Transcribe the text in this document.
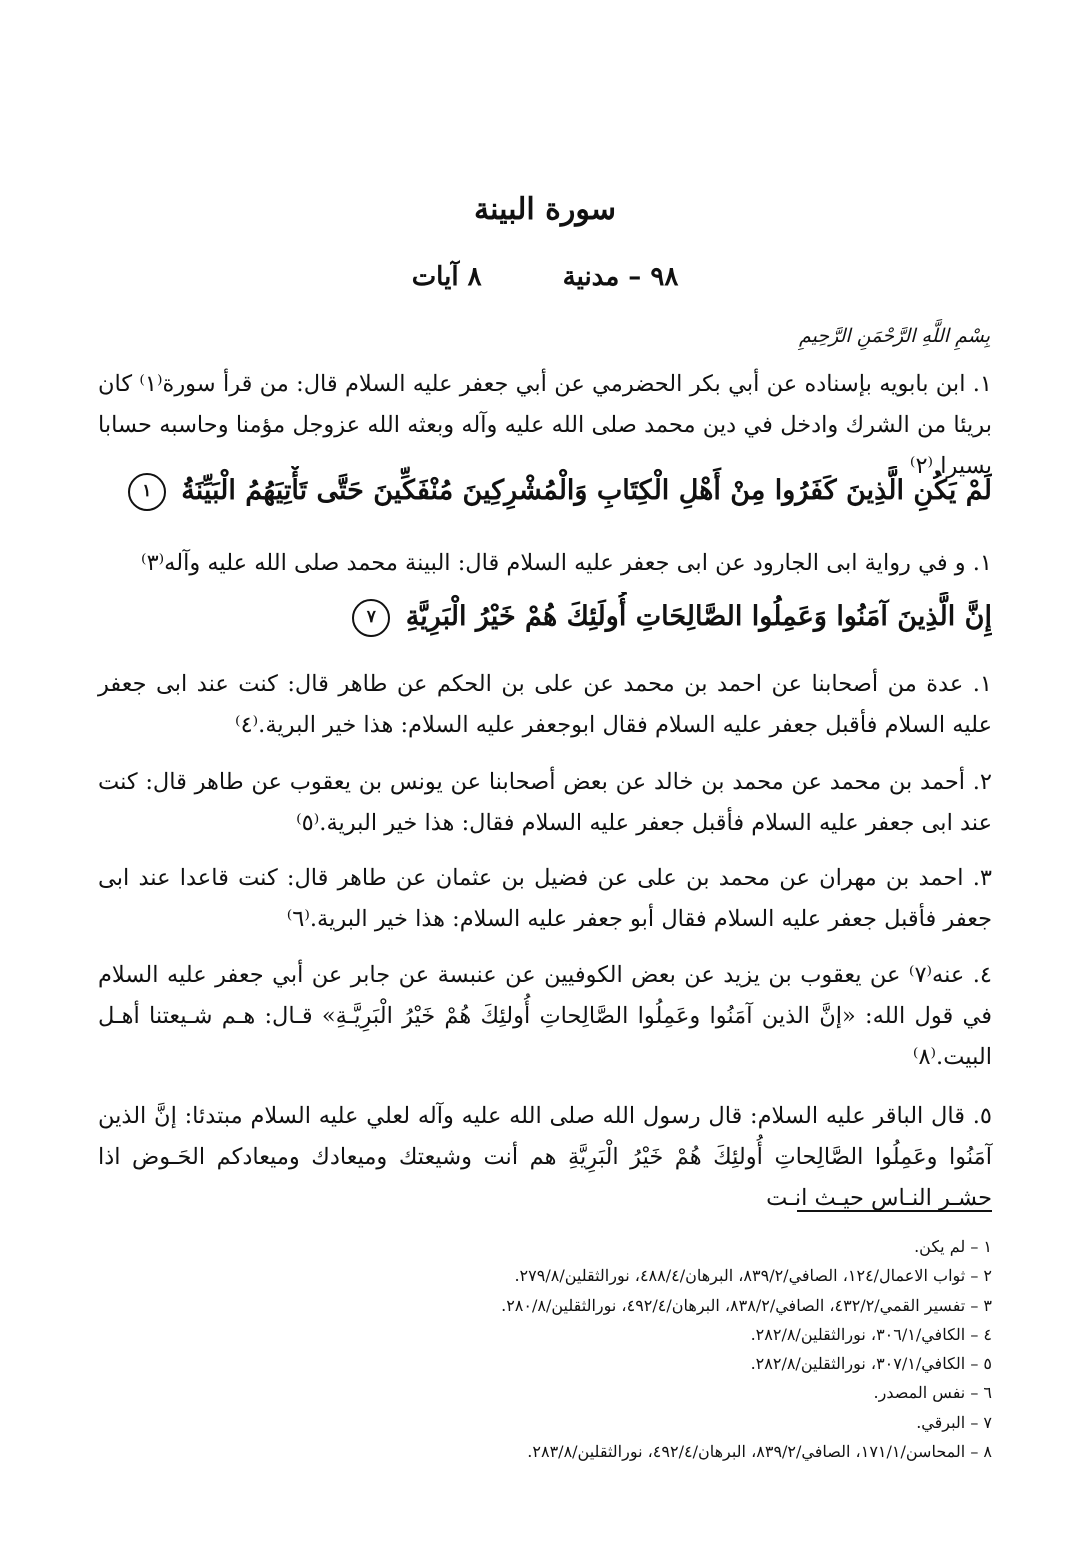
سورة البينة
٩٨ – مدنية ٨ آيات
بِسْمِ اللَّهِ الرَّحْمَنِ الرَّحِيمِ
١. ابن بابويه بإسناده عن أبي بكر الحضرمي عن أبي جعفر عليه السلام قال: من قرأ سورة⁽١⁾ كان بريئا من الشرك وادخل في دين محمد صلى الله عليه وآله وبعثه الله عزوجل مؤمنا وحاسبه حسابا يسيرا.⁽٢⁾
لَمْ يَكُنِ الَّذِينَ كَفَرُوا مِنْ أَهْلِ الْكِتَابِ وَالْمُشْرِكِينَ مُنْفَكِّينَ حَتَّى تَأْتِيَهُمُ الْبَيِّنَةُ ١
١. و في رواية ابى الجارود عن ابى جعفر عليه السلام قال: البينة محمد صلى الله عليه وآله⁽٣⁾
إِنَّ الَّذِينَ آمَنُوا وَعَمِلُوا الصَّالِحَاتِ أُولَئِكَ هُمْ خَيْرُ الْبَرِيَّةِ ٧
١. عدة من أصحابنا عن احمد بن محمد عن على بن الحكم عن طاهر قال: كنت عند ابى جعفر عليه السلام فأقبل جعفر عليه السلام فقال ابوجعفر عليه السلام: هذا خير البرية.⁽٤⁾
٢. أحمد بن محمد عن محمد بن خالد عن بعض أصحابنا عن يونس بن يعقوب عن طاهر قال: كنت عند ابى جعفر عليه السلام فأقبل جعفر عليه السلام فقال: هذا خير البرية.⁽٥⁾
٣. احمد بن مهران عن محمد بن على عن فضيل بن عثمان عن طاهر قال: كنت قاعدا عند ابى جعفر فأقبل جعفر عليه السلام فقال أبو جعفر عليه السلام: هذا خير البرية.⁽٦⁾
٤. عنه⁽٧⁾ عن يعقوب بن يزيد عن بعض الكوفيين عن عنبسة عن جابر عن أبي جعفر عليه السلام في قول الله: «إنَّ الذين آمَنُوا وعَمِلُوا الصَّالِحاتِ أُولئِكَ هُمْ خَيْرُ الْبَرِيَّـةِ» قـال: هـم شـيعتنا أهـل البيت.⁽٨⁾
٥. قال الباقر عليه السلام: قال رسول الله صلى الله عليه وآله لعلي عليه السلام مبتدئا: إنَّ الذين آمَنُوا وعَمِلُوا الصَّالِحاتِ أُولئِكَ هُمْ خَيْرُ الْبَرِيَّةِ هم أنت وشيعتك وميعادك وميعادكم الحَـوض اذا حشـر النـاس حيـث انـت
١ – لم يكن.
٢ – ثواب الاعمال/١٢٤، الصافي/٨٣٩/٢، البرهان/٤٨٨/٤، نورالثقلين/٢٧٩/٨.
٣ – تفسير القمي/٤٣٢/٢، الصافي/٨٣٨/٢، البرهان/٤٩٢/٤، نورالثقلين/٢٨٠/٨.
٤ – الكافي/٣٠٦/١، نورالثقلين/٢٨٢/٨.
٥ – الكافي/٣٠٧/١، نورالثقلين/٢٨٢/٨.
٦ – نفس المصدر.
٧ – البرقي.
٨ – المحاسن/١٧١/١، الصافي/٨٣٩/٢، البرهان/٤٩٢/٤، نورالثقلين/٢٨٣/٨.
